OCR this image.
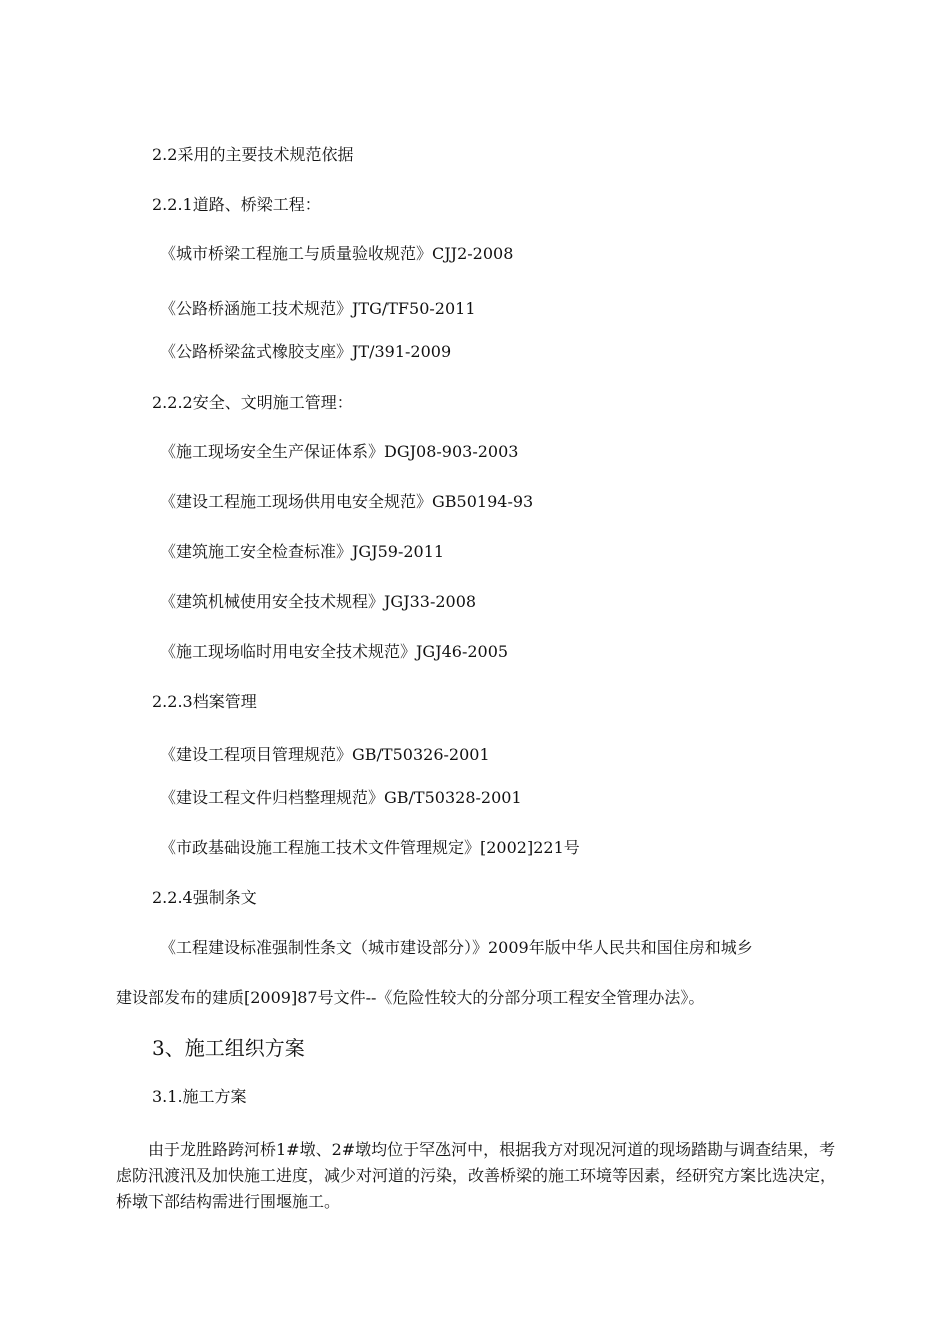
2.2采用的主要技术规范依据
2.2.1道路、桥梁工程：
《城市桥梁工程施工与质量验收规范》CJJ2-2008
《公路桥涵施工技术规范》JTG/TF50-2011
《公路桥梁盆式橡胶支座》JT/391-2009
2.2.2安全、文明施工管理：
《施工现场安全生产保证体系》DGJ08-903-2003
《建设工程施工现场供用电安全规范》GB50194-93
《建筑施工安全检查标准》JGJ59-2011
《建筑机械使用安全技术规程》JGJ33-2008
《施工现场临时用电安全技术规范》JGJ46-2005
2.2.3档案管理
《建设工程项目管理规范》GB/T50326-2001
《建设工程文件归档整理规范》GB/T50328-2001
《市政基础设施工程施工技术文件管理规定》[2002]221号
2.2.4强制条文
《工程建设标准强制性条文（城市建设部分）》2009年版中华人民共和国住房和城乡
建设部发布的建质[2009]87号文件--《危险性较大的分部分项工程安全管理办法》。
3、施工组织方案
3.1.施工方案
由于龙胜路跨河桥1#墩、2#墩均位于罕氹河中，根据我方对现况河道的现场踏勘与调查结果，考虑防汛渡汛及加快施工进度，减少对河道的污染，改善桥梁的施工环境等因素，经研究方案比选决定，桥墩下部结构需进行围堰施工。
